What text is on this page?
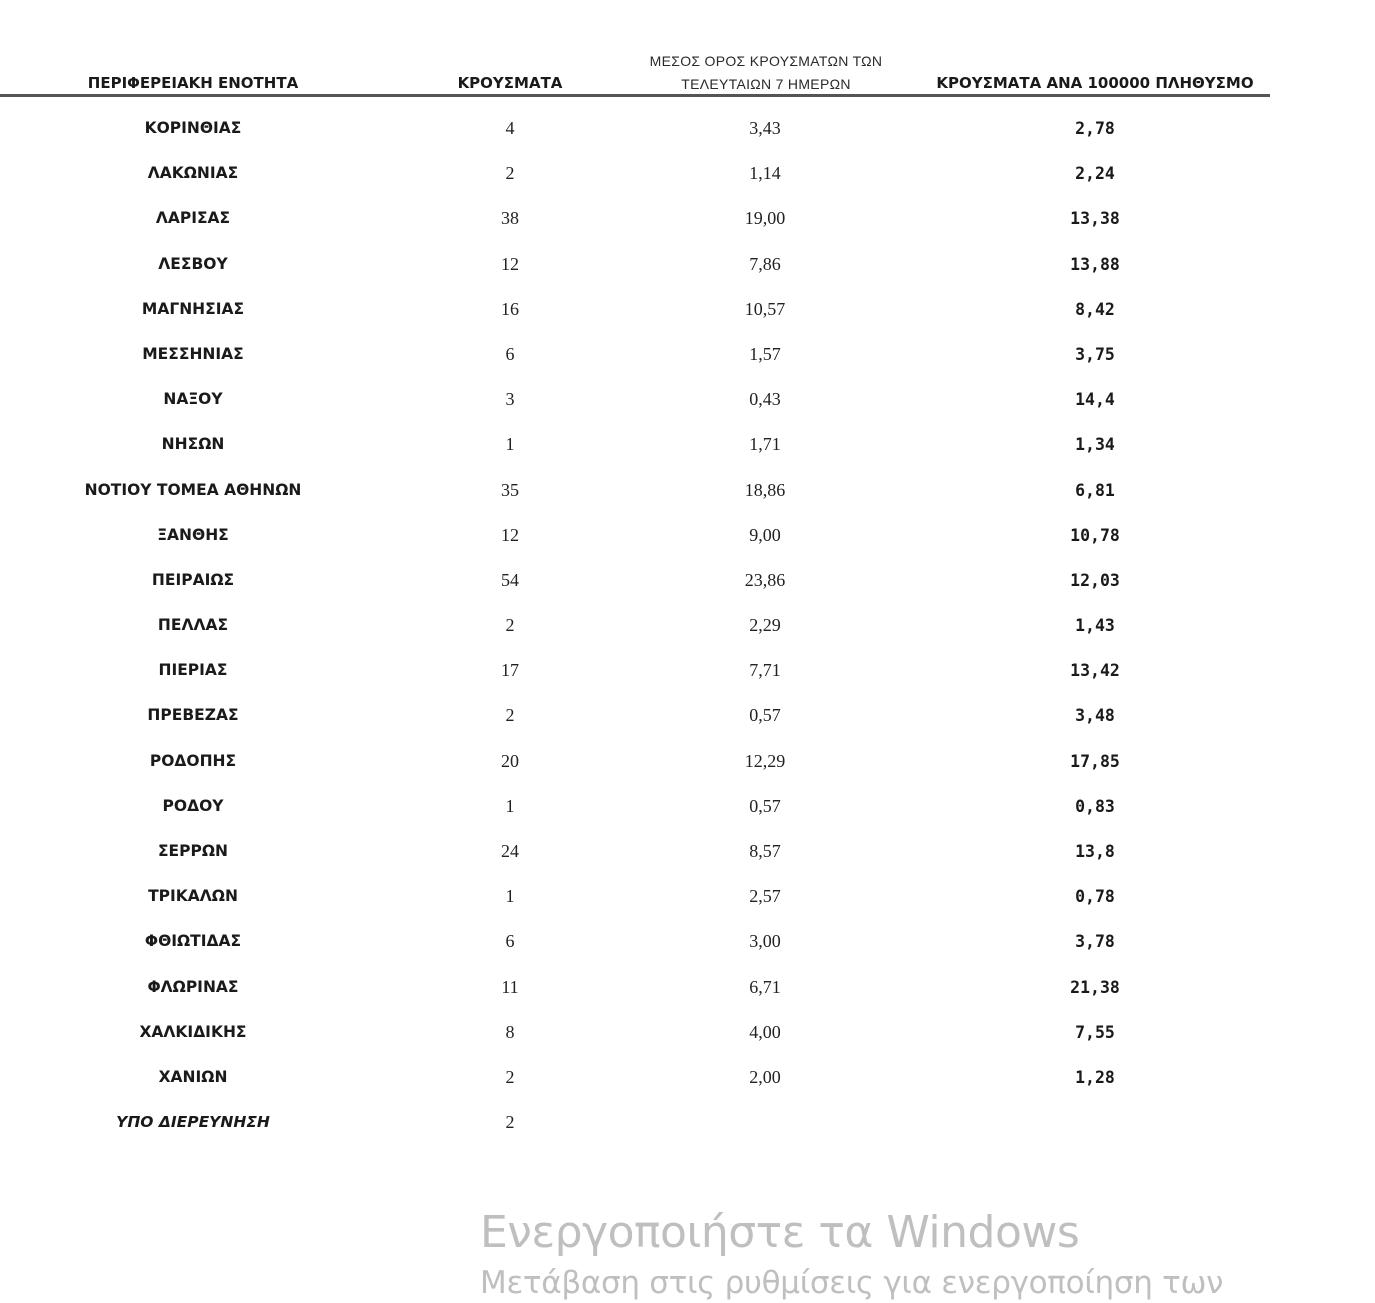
ΠΕΡΙΦΕΡΕΙΑΚΗ ΕΝΟΤΗΤΑ	ΚΡΟΥΣΜΑΤΑ
ΜΕΣΟΣ ΟΡΟΣ ΚΡΟΥΣΜΑΤΩΝ ΤΩΝ
ΤΕΛΕΥΤΑΙΩΝ 7 ΗΜΕΡΩΝ	ΚΡΟΥΣΜΑΤΑ ΑΝΑ 100000 ΠΛΗΘΥΣΜΟ
ΚΟΡΙΝΘΙΑΣ	4	3,43	2,78
ΛΑΚΩΝΙΑΣ	2	1,14	2,24
ΛΑΡΙΣΑΣ	38	19,00	13,38
ΛΕΣΒΟΥ	12	7,86	13,88
ΜΑΓΝΗΣΙΑΣ	16	10,57	8,42
ΜΕΣΣΗΝΙΑΣ	6	1,57	3,75
ΝΑΞΟΥ	3	0,43	14,4
ΝΗΣΩΝ	1	1,71	1,34
ΝΟΤΙΟΥ ΤΟΜΕΑ ΑΘΗΝΩΝ	35	18,86	6,81
ΞΑΝΘΗΣ	12	9,00	10,78
ΠΕΙΡΑΙΩΣ	54	23,86	12,03
ΠΕΛΛΑΣ	2	2,29	1,43
ΠΙΕΡΙΑΣ	17	7,71	13,42
ΠΡΕΒΕΖΑΣ	2	0,57	3,48
ΡΟΔΟΠΗΣ	20	12,29	17,85
ΡΟΔΟΥ	1	0,57	0,83
ΣΕΡΡΩΝ	24	8,57	13,8
ΤΡΙΚΑΛΩΝ	1	2,57	0,78
ΦΘΙΩΤΙΔΑΣ	6	3,00	3,78
ΦΛΩΡΙΝΑΣ	11	6,71	21,38
ΧΑΛΚΙΔΙΚΗΣ	8	4,00	7,55
ΧΑΝΙΩΝ	2	2,00	1,28
ΥΠΟ ΔΙΕΡΕΥΝΗΣΗ	2
Ενεργοποιήστε τα Windows
Μετάβαση στις ρυθμίσεις για ενεργοποίηση των
